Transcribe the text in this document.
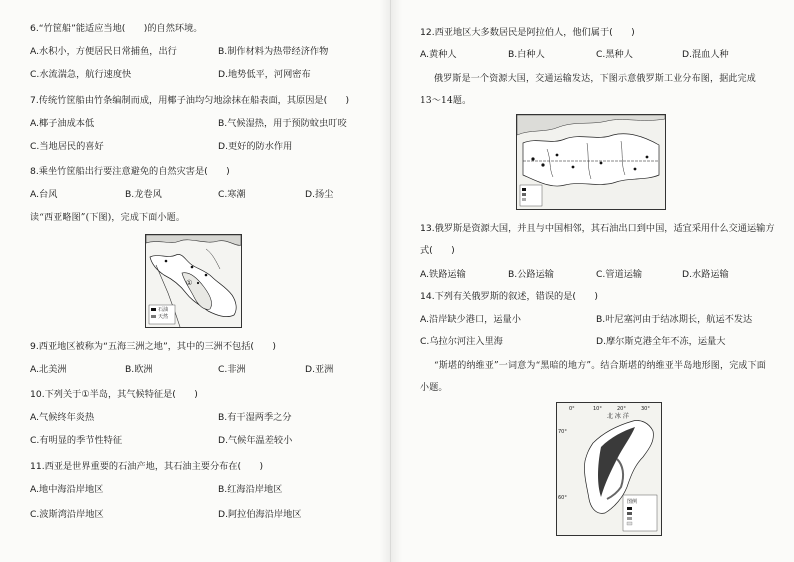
6.“竹筐船”能适应当地(　　)的自然环境。
A.水积小，方便居民日常捕鱼，出行	B.制作材料为热带经济作物
C.水流湍急，航行速度快	D.地势低平，河网密布
7.传统竹筐船由竹条编制而成，用椰子油均匀地涂抹在船表面，其原因是(　　)
A.椰子油成本低	B.气候湿热，用于预防蚊虫叮咬
C.当地居民的喜好	D.更好的防水作用
8.乘坐竹筐船出行要注意避免的自然灾害是(　　)
A.台风	B.龙卷风	C.寒潮	D.扬尘
读“西亚略图”(下图)，完成下面小题。
①
石油
天然
9.西亚地区被称为“五海三洲之地”，其中的三洲不包括(　　)
A.北美洲	B.欧洲	C.非洲	D.亚洲
10.下列关于①半岛，其气候特征是(　　)
A.气候终年炎热	B.有干湿两季之分
C.有明显的季节性特征	D.气候年温差较小
11.西亚是世界重要的石油产地，其石油主要分布在(　　)
A.地中海沿岸地区	B.红海沿岸地区
C.波斯湾沿岸地区	D.阿拉伯海沿岸地区
12.西亚地区大多数居民是阿拉伯人，他们属于(　　)
A.黄种人	B.白种人	C.黑种人	D.混血人种
俄罗斯是一个资源大国，交通运输发达，下图示意俄罗斯工业分布图，据此完成
13～14题。
13.俄罗斯是资源大国，并且与中国相邻，其石油出口到中国，适宜采用什么交通运输方
式(　　)
A.铁路运输	B.公路运输	C.管道运输	D.水路运输
14.下列有关俄罗斯的叙述，错误的是(　　)
A.沿岸缺少港口，运量小	B.叶尼塞河由于结冰期长，航运不发达
C.乌拉尔河注入里海	D.摩尔斯克港全年不冻，运量大
“斯堪的纳维亚”一词意为“黑暗的地方”。结合斯堪的纳维亚半岛地形图，完成下面
小题。
0°	10°	20°	30°
70°
60°
北 冰 洋
图例
